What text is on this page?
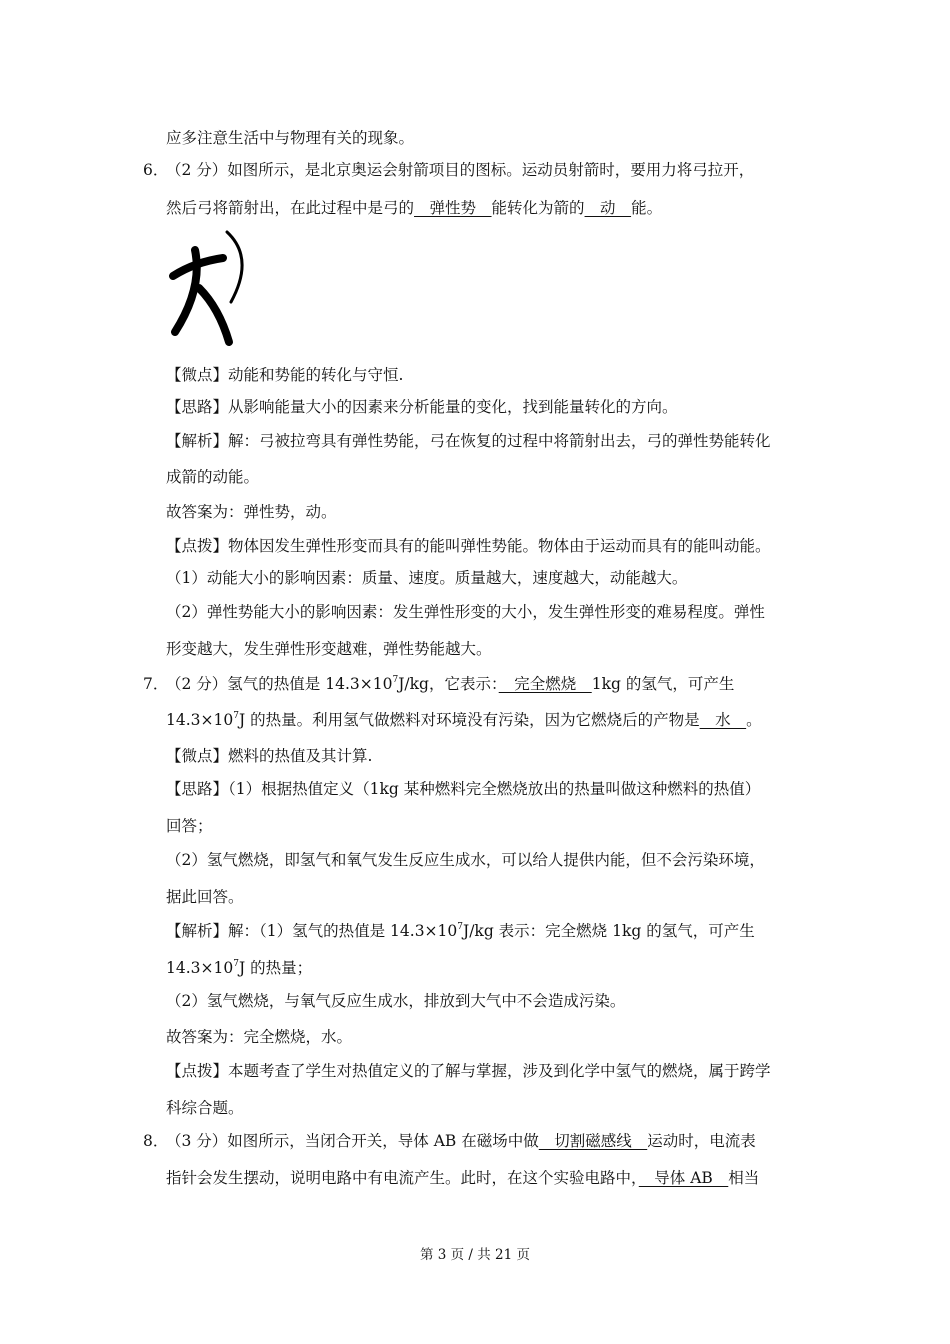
应多注意生活中与物理有关的现象。
6．
（2 分）如图所示，是北京奥运会射箭项目的图标。运动员射箭时，要用力将弓拉开，
然后弓将箭射出，在此过程中是弓的　弹性势　能转化为箭的　动　能。
【微点】动能和势能的转化与守恒.
【思路】从影响能量大小的因素来分析能量的变化，找到能量转化的方向。
【解析】解：弓被拉弯具有弹性势能，弓在恢复的过程中将箭射出去，弓的弹性势能转化
成箭的动能。
故答案为：弹性势，动。
【点拨】物体因发生弹性形变而具有的能叫弹性势能。物体由于运动而具有的能叫动能。
（1）动能大小的影响因素：质量、速度。质量越大，速度越大，动能越大。
（2）弹性势能大小的影响因素：发生弹性形变的大小，发生弹性形变的难易程度。弹性
形变越大，发生弹性形变越难，弹性势能越大。
7．
（2 分）氢气的热值是 $14.3\times 10^7J/kg$，它表示：　完全燃烧　1kg 的氢气，可产生
$14.3\times 10^7J$ 的热量。利用氢气做燃料对环境没有污染，因为它燃烧后的产物是　水　。
【微点】燃料的热值及其计算.
【思路】（1）根据热值定义（1kg 某种燃料完全燃烧放出的热量叫做这种燃料的热值）
回答；
（2）氢气燃烧，即氢气和氧气发生反应生成水，可以给人提供内能，但不会污染环境，
据此回答。
【解析】解：（1）氢气的热值是 $14.3\times 10^7J/kg$ 表示：完全燃烧 1kg 的氢气，可产生
$14.3\times 10^7J$ 的热量；
（2）氢气燃烧，与氧气反应生成水，排放到大气中不会造成污染。
故答案为：完全燃烧，水。
【点拨】本题考查了学生对热值定义的了解与掌握，涉及到化学中氢气的燃烧，属于跨学
科综合题。
8．
（3 分）如图所示，当闭合开关，导体 AB 在磁场中做　切割磁感线　运动时，电流表
指针会发生摆动，说明电路中有电流产生。此时，在这个实验电路中，　导体 AB　相当
第 3 页 / 共 21 页
